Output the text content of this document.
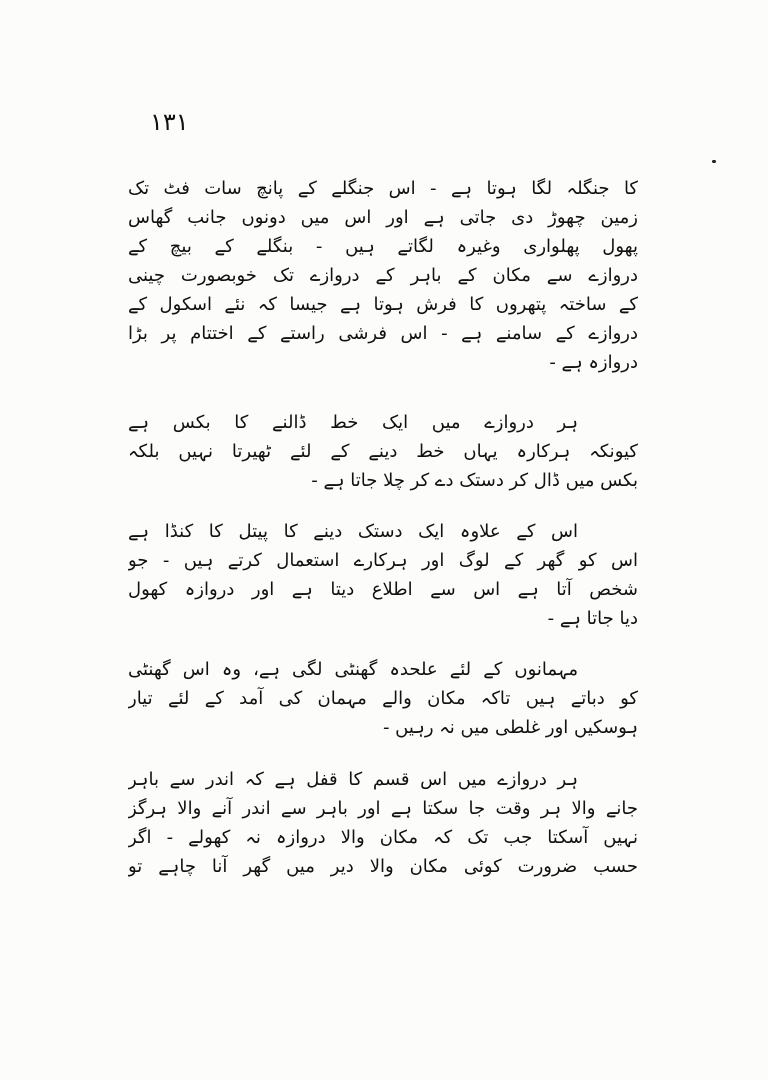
۱۳۱
کا جنگلہ لگا ہوتا ہے - اس جنگلے کے پانچ سات فٹ تک
زمین چھوڑ دی جاتی ہے اور اس میں دونوں جانب گھاس
پھول پھلواری وغیرہ لگاتے ہیں - بنگلے کے بیچ کے
دروازے سے مکان کے باہر کے دروازے تک خوبصورت چینی
کے ساختہ پتھروں کا فرش ہوتا ہے جیسا کہ نئے اسکول کے
دروازے کے سامنے ہے - اس فرشی راستے کے اختتام پر بڑا
دروازہ ہے -
ہر دروازے میں ایک خط ڈالنے کا بکس ہے
کیونکہ ہرکارہ یہاں خط دینے کے لئے ٹھیرتا نہیں بلکہ
بکس میں ڈال کر دستک دے کر چلا جاتا ہے -
اس کے علاوہ ایک دستک دینے کا پیتل کا کنڈا ہے
اس کو گھر کے لوگ اور ہرکارے استعمال کرتے ہیں - جو
شخص آتا ہے اس سے اطلاع دیتا ہے اور دروازہ کھول
دیا جاتا ہے -
مہمانوں کے لئے علحدہ گھنٹی لگی ہے، وہ اس گھنٹی
کو دباتے ہیں تاکہ مکان والے مہمان کی آمد کے لئے تیار
ہوسکیں اور غلطی میں نہ رہیں -
ہر دروازے میں اس قسم کا قفل ہے کہ اندر سے باہر
جانے والا ہر وقت جا سکتا ہے اور باہر سے اندر آنے والا ہرگز
نہیں آسکتا جب تک کہ مکان والا دروازہ نہ کھولے - اگر
حسب ضرورت کوئی مکان والا دیر میں گھر آنا چاہے تو
